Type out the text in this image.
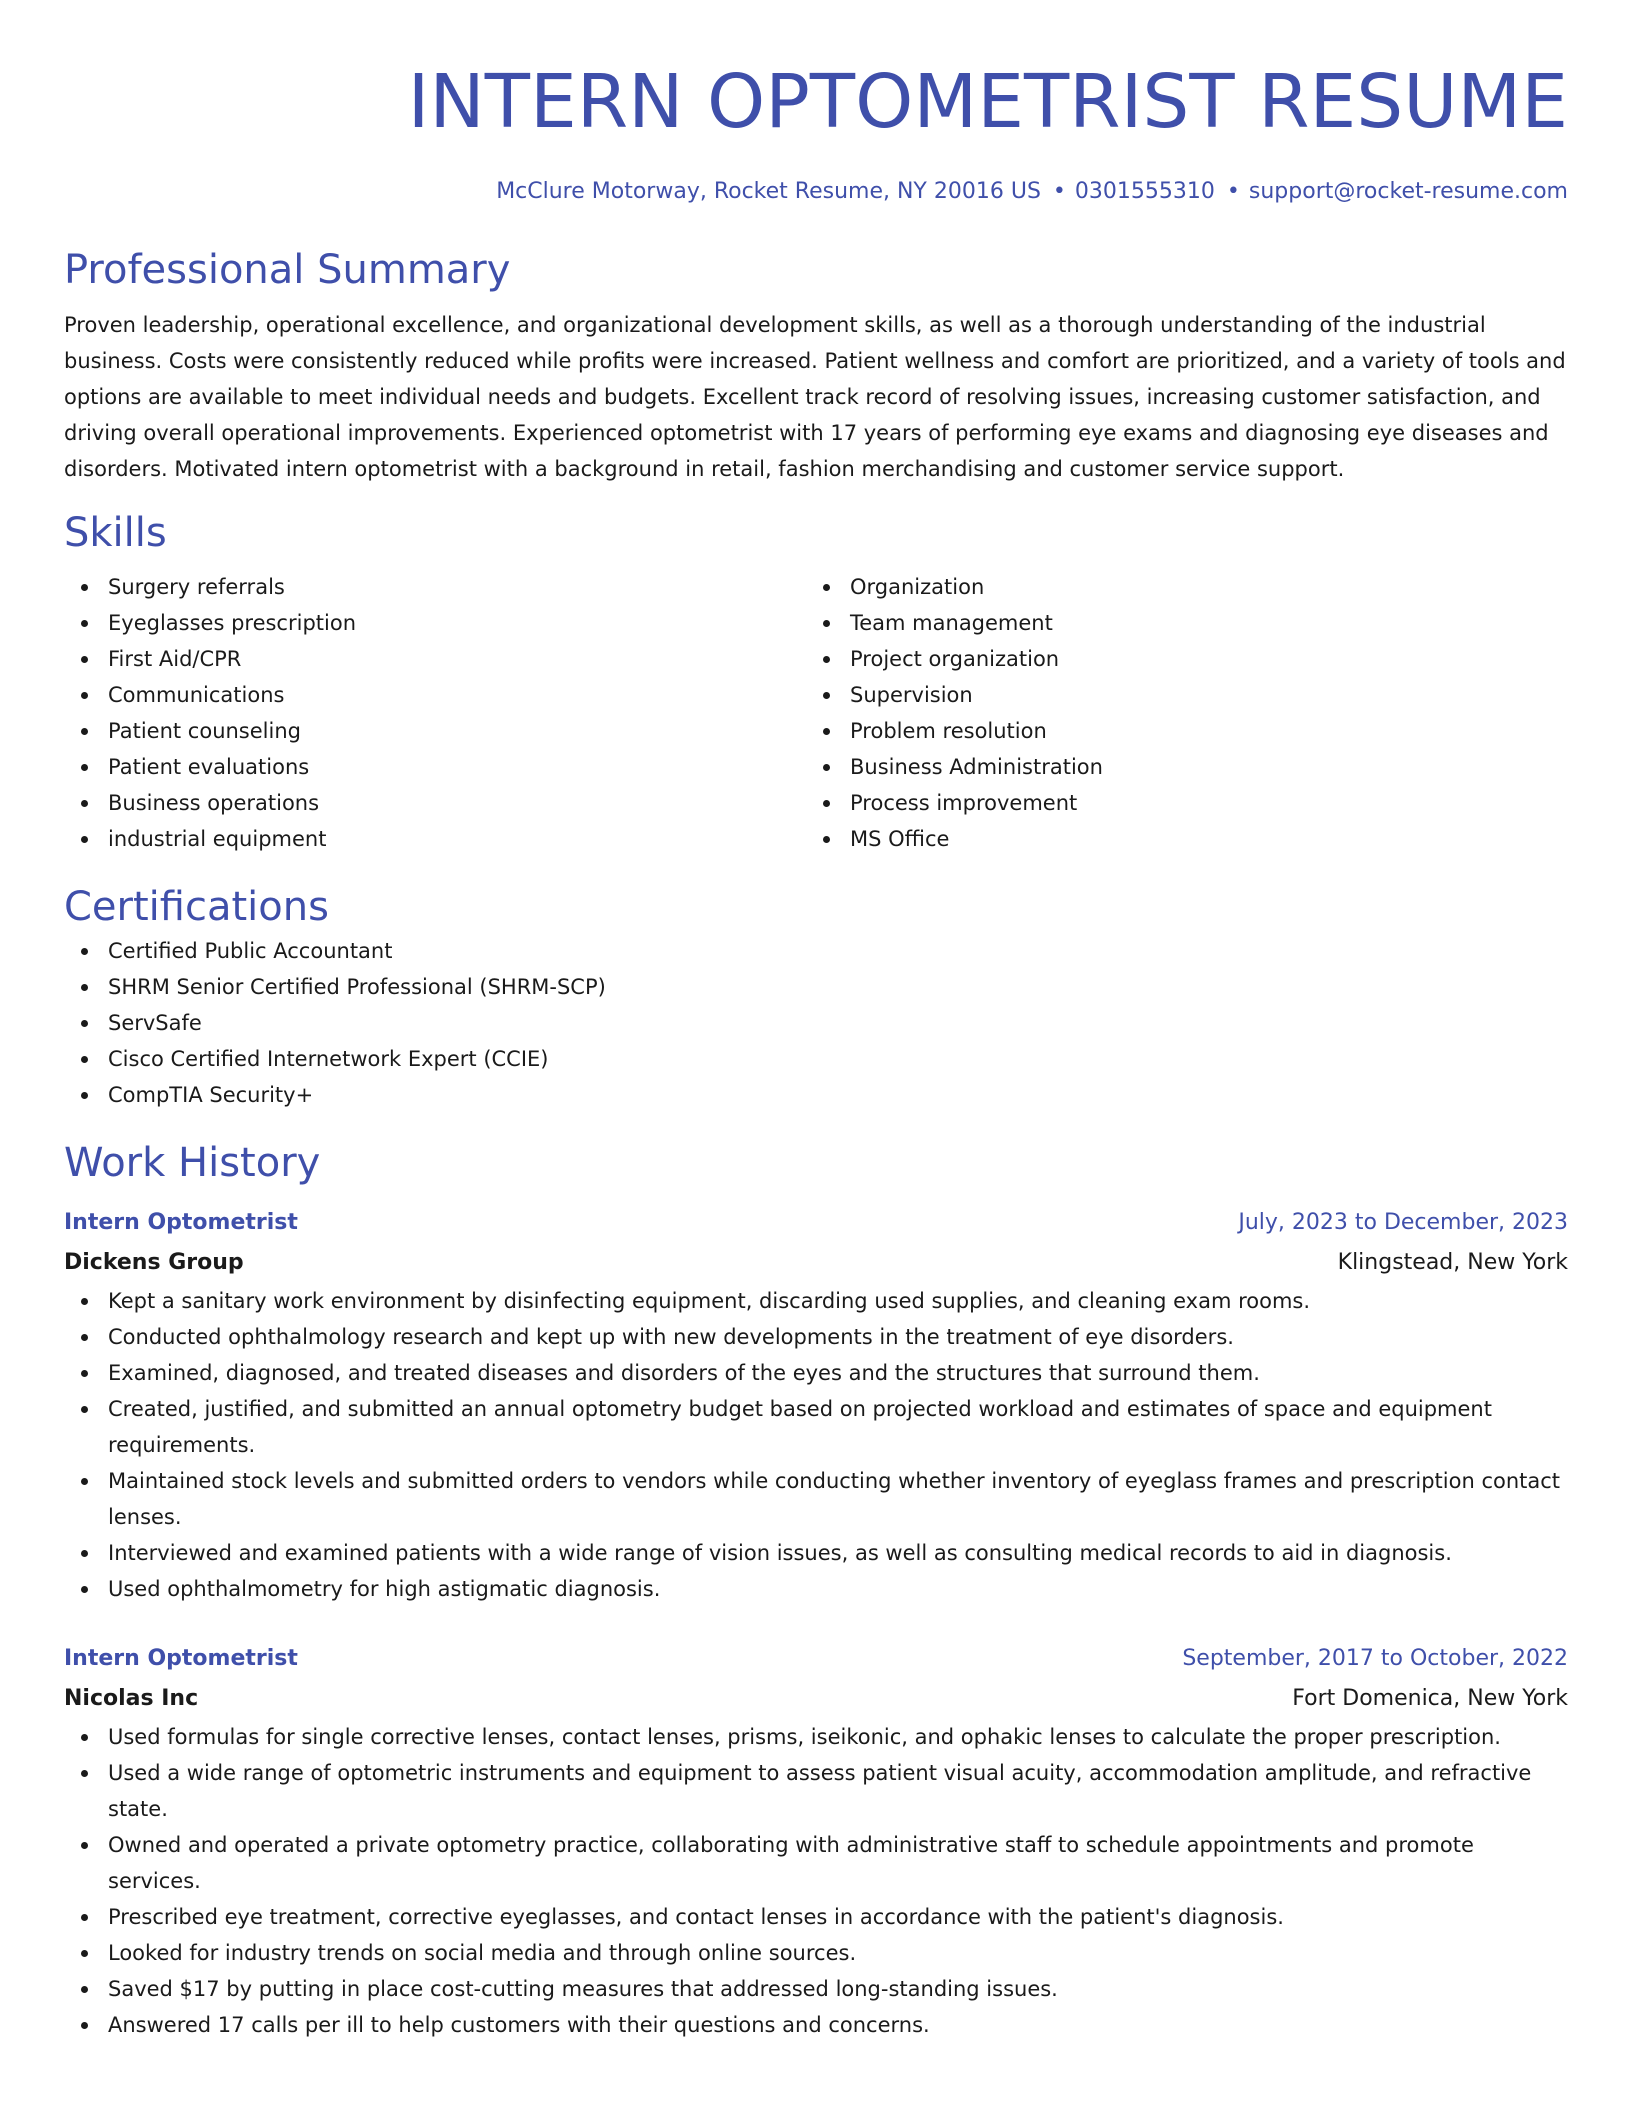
INTERN OPTOMETRIST RESUME
McClure Motorway, Rocket Resume, NY 20016 US • 0301555310 • support@rocket-resume.com
Professional Summary

Proven leadership, operational excellence, and organizational development skills, as well as a thorough understanding of the industrial business. Costs were consistently reduced while profits were increased. Patient wellness and comfort are prioritized, and a variety of tools and options are available to meet individual needs and budgets. Excellent track record of resolving issues, increasing customer satisfaction, and driving overall operational improvements. Experienced optometrist with 17 years of performing eye exams and diagnosing eye diseases and disorders. Motivated intern optometrist with a background in retail, fashion merchandising and customer service support.

Skills
Surgery referrals
Eyeglasses prescription
First Aid/CPR
Communications
Patient counseling
Patient evaluations
Business operations
industrial equipment
Organization
Team management
Project organization
Supervision
Problem resolution
Business Administration
Process improvement
MS Office
Certifications
Certified Public Accountant
SHRM Senior Certified Professional (SHRM-SCP)
ServSafe
Cisco Certified Internetwork Expert (CCIE)
CompTIA Security+
Work History
Intern Optometrist	July, 2023 to December, 2023
Dickens Group	Klingstead, New York
Kept a sanitary work environment by disinfecting equipment, discarding used supplies, and cleaning exam rooms.
Conducted ophthalmology research and kept up with new developments in the treatment of eye disorders.
Examined, diagnosed, and treated diseases and disorders of the eyes and the structures that surround them.
Created, justified, and submitted an annual optometry budget based on projected workload and estimates of space and equipment requirements.
Maintained stock levels and submitted orders to vendors while conducting whether inventory of eyeglass frames and prescription contact lenses.
Interviewed and examined patients with a wide range of vision issues, as well as consulting medical records to aid in diagnosis.
Used ophthalmometry for high astigmatic diagnosis.
Intern Optometrist	September, 2017 to October, 2022
Nicolas Inc	Fort Domenica, New York
Used formulas for single corrective lenses, contact lenses, prisms, iseikonic, and ophakic lenses to calculate the proper prescription.
Used a wide range of optometric instruments and equipment to assess patient visual acuity, accommodation amplitude, and refractive state.
Owned and operated a private optometry practice, collaborating with administrative staff to schedule appointments and promote services.
Prescribed eye treatment, corrective eyeglasses, and contact lenses in accordance with the patient's diagnosis.
Looked for industry trends on social media and through online sources.
Saved $17 by putting in place cost-cutting measures that addressed long-standing issues.
Answered 17 calls per ill to help customers with their questions and concerns.
